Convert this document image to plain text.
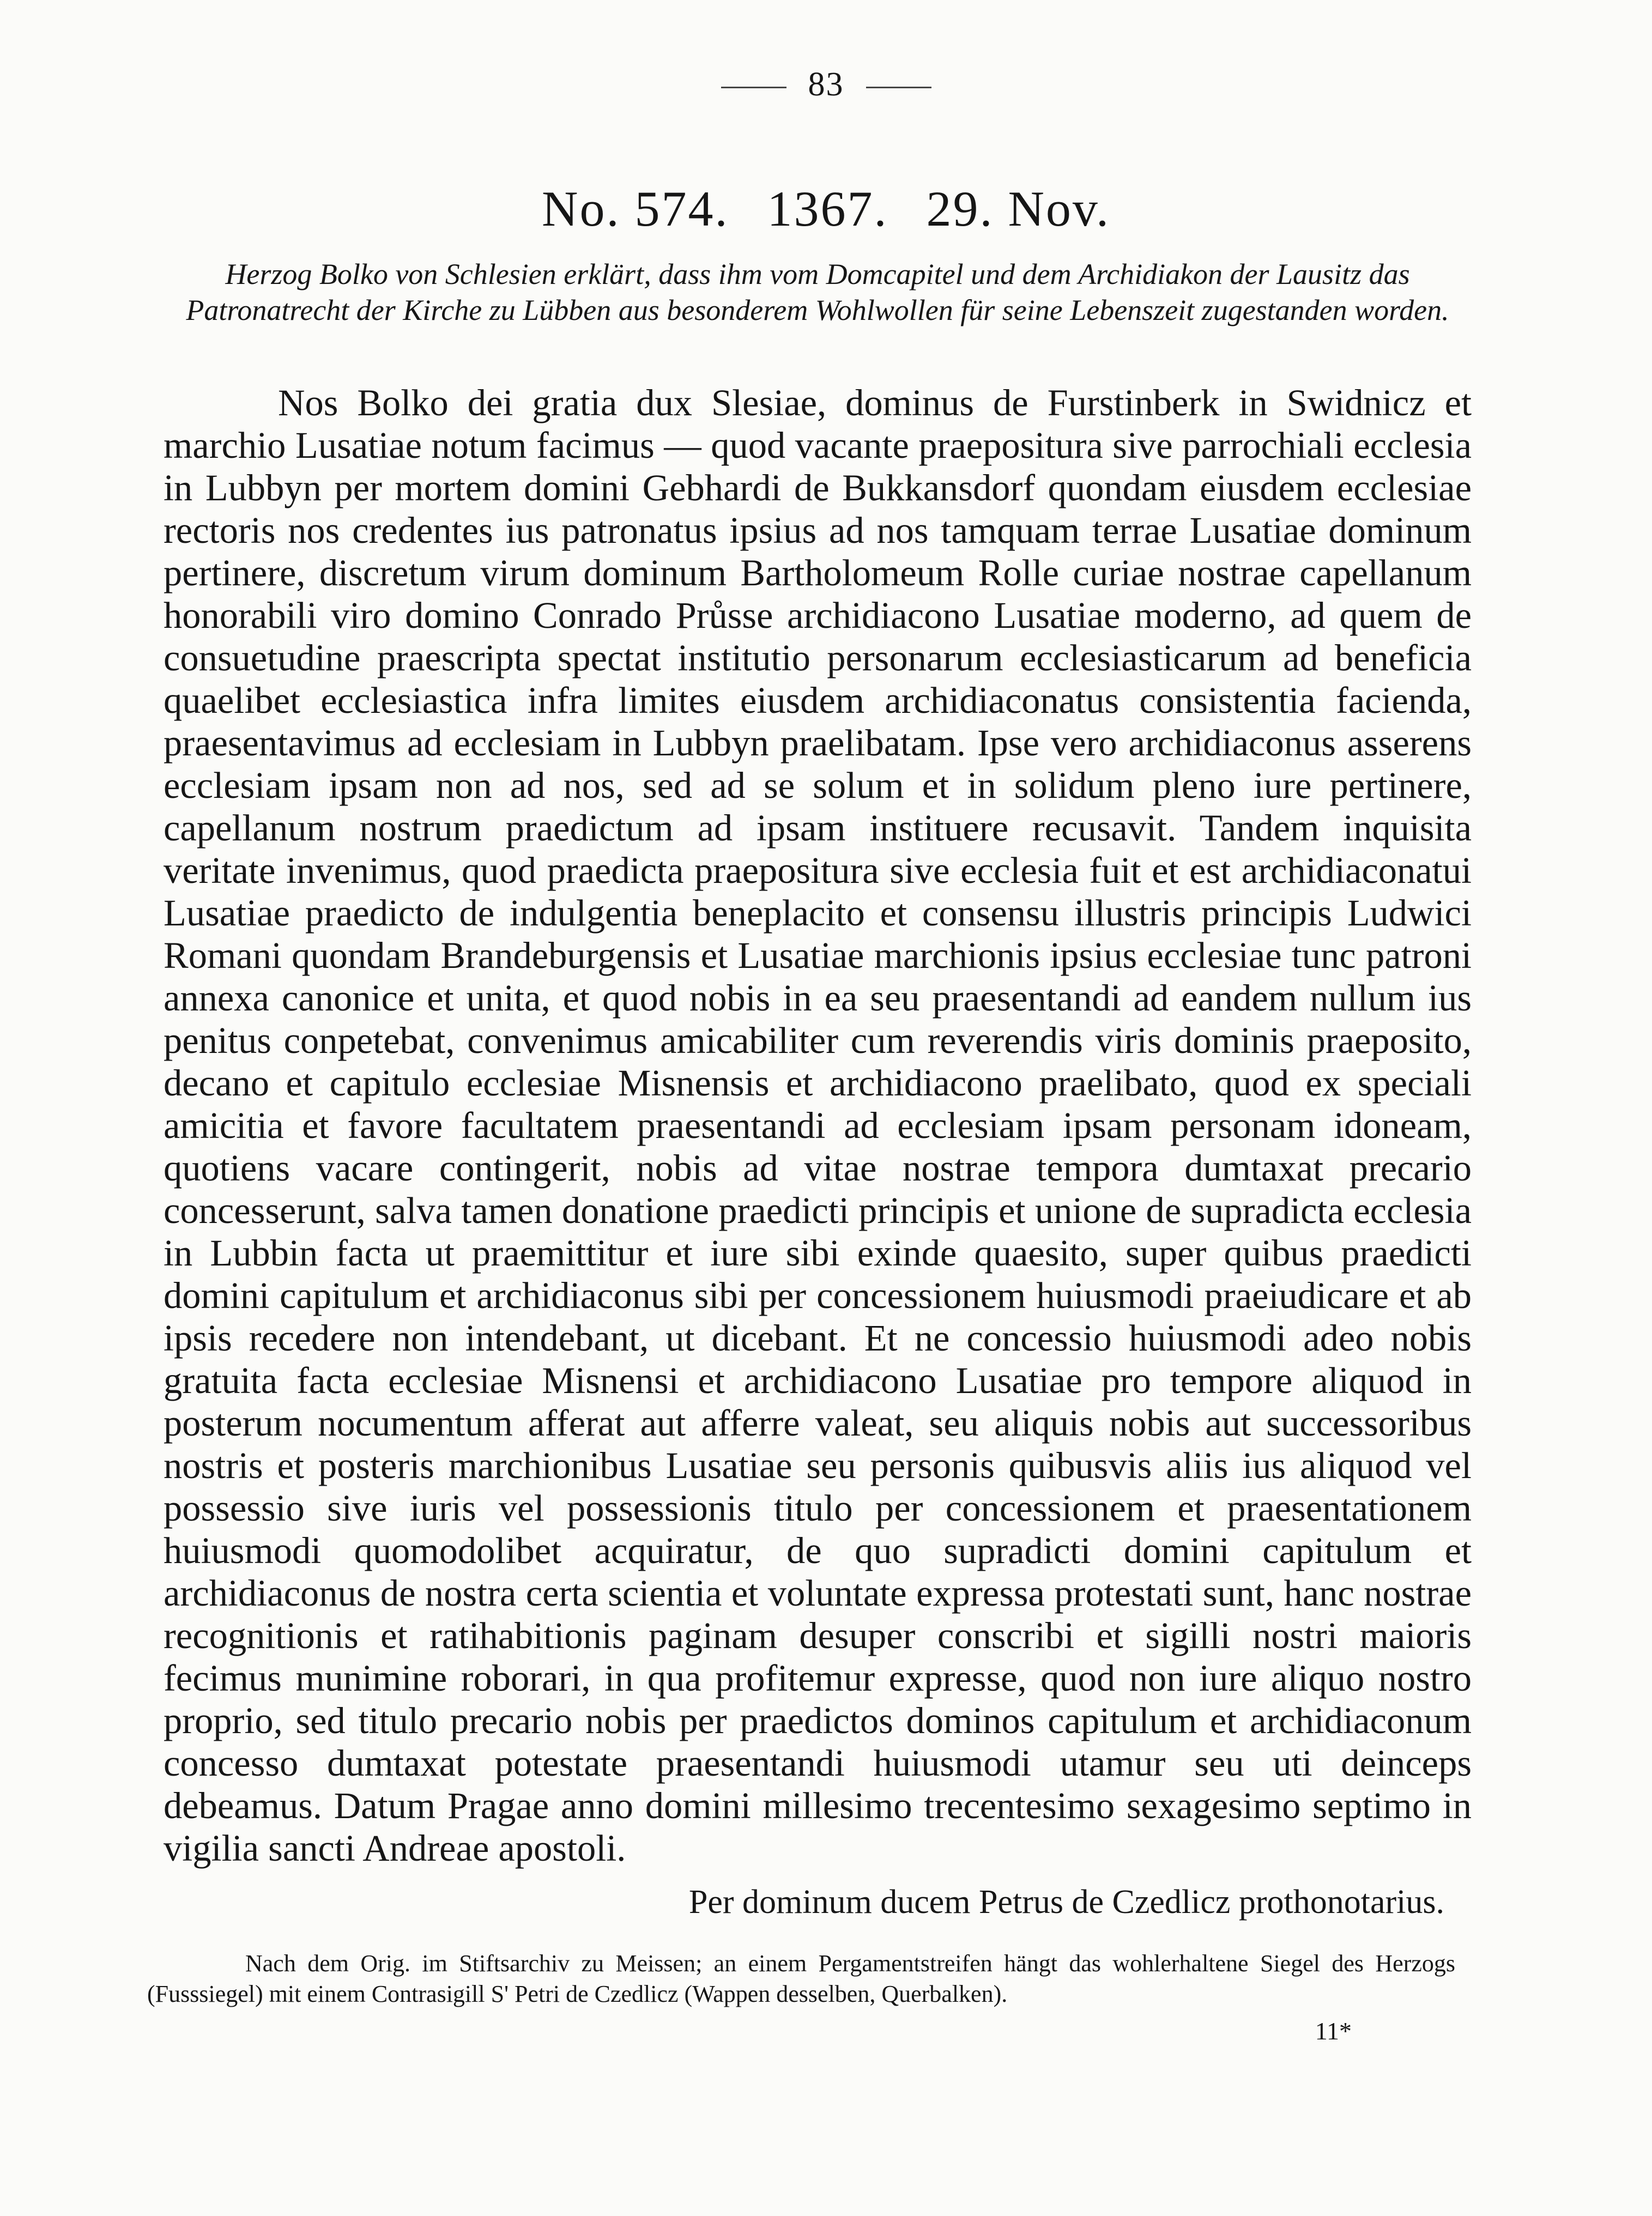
83
No. 574. 1367. 29. Nov.
Herzog Bolko von Schlesien erklärt, dass ihm vom Domcapitel und dem Archidiakon der Lausitz das Patronatrecht der Kirche zu Lübben aus besonderem Wohlwollen für seine Lebenszeit zugestanden worden.

Nos Bolko dei gratia dux Slesiae, dominus de Furstinberk in Swidnicz et marchio Lusatiae notum facimus — quod vacante praepositura sive parrochiali ecclesia in Lubbyn per mortem domini Gebhardi de Bukkansdorf quondam eiusdem ecclesiae rectoris nos credentes ius patronatus ipsius ad nos tamquam terrae Lusatiae dominum pertinere, discretum virum dominum Bartholomeum Rolle curiae nostrae capellanum honorabili viro domino Conrado Průsse archidiacono Lusatiae moderno, ad quem de consuetudine praescripta spectat institutio personarum ecclesiasticarum ad beneficia quaelibet ecclesiastica infra limites eiusdem archidiaconatus consistentia facienda, praesentavimus ad ecclesiam in Lubbyn praelibatam. Ipse vero archidiaconus asserens ecclesiam ipsam non ad nos, sed ad se solum et in solidum pleno iure pertinere, capellanum nostrum praedictum ad ipsam instituere recusavit. Tandem inquisita veritate invenimus, quod praedicta praepositura sive ecclesia fuit et est archidiaconatui Lusatiae praedicto de indulgentia beneplacito et consensu illustris principis Ludwici Romani quondam Brandeburgensis et Lusatiae marchionis ipsius ecclesiae tunc patroni annexa canonice et unita, et quod nobis in ea seu praesentandi ad eandem nullum ius penitus conpetebat, convenimus amicabiliter cum reverendis viris dominis praeposito, decano et capitulo ecclesiae Misnensis et archidiacono praelibato, quod ex speciali amicitia et favore facultatem praesentandi ad ecclesiam ipsam personam idoneam, quotiens vacare contingerit, nobis ad vitae nostrae tempora dumtaxat precario concesserunt, salva tamen donatione praedicti principis et unione de supradicta ecclesia in Lubbin facta ut praemittitur et iure sibi exinde quaesito, super quibus praedicti domini capitulum et archidiaconus sibi per concessionem huiusmodi praeiudicare et ab ipsis recedere non intendebant, ut dicebant. Et ne concessio huiusmodi adeo nobis gratuita facta ecclesiae Misnensi et archidiacono Lusatiae pro tempore aliquod in posterum nocumentum afferat aut afferre valeat, seu aliquis nobis aut successoribus nostris et posteris marchionibus Lusatiae seu personis quibusvis aliis ius aliquod vel possessio sive iuris vel possessionis titulo per concessionem et praesentationem huiusmodi quomodolibet acquiratur, de quo supradicti domini capitulum et archidiaconus de nostra certa scientia et voluntate expressa protestati sunt, hanc nostrae recognitionis et ratihabitionis paginam desuper conscribi et sigilli nostri maioris fecimus munimine roborari, in qua profitemur expresse, quod non iure aliquo nostro proprio, sed titulo precario nobis per praedictos dominos capitulum et archidiaconum concesso dumtaxat potestate praesentandi huiusmodi utamur seu uti deinceps debeamus. Datum Pragae anno domini millesimo trecentesimo sexagesimo septimo in vigilia sancti Andreae apostoli.

Per dominum ducem Petrus de Czedlicz prothonotarius.

Nach dem Orig. im Stiftsarchiv zu Meissen; an einem Pergamentstreifen hängt das wohlerhaltene Siegel des Herzogs (Fusssiegel) mit einem Contrasigill S' Petri de Czedlicz (Wappen desselben, Querbalken).

11*
